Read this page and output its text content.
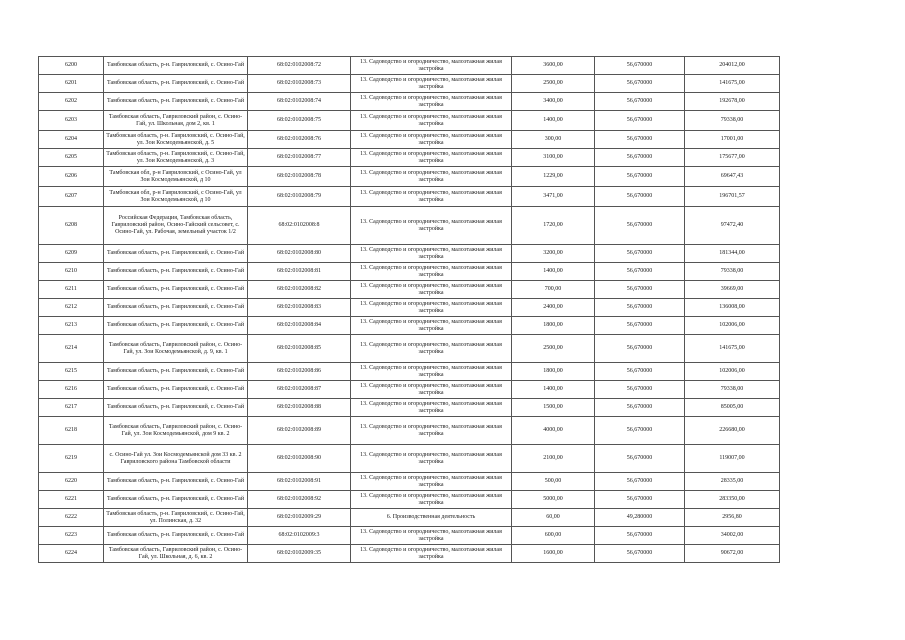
6200	Тамбовская область, р-н. Гавриловский, с. Осино-Гай	68:02:0102008:72	13. Садоводство и огородничество, малоэтажная жилая застройка	3600,00	56,670000	204012,00
6201	Тамбовская область, р-н. Гавриловский, с. Осино-Гай	68:02:0102008:73	13. Садоводство и огородничество, малоэтажная жилая застройка	2500,00	56,670000	141675,00
6202	Тамбовская область, р-н. Гавриловский, с. Осино-Гай	68:02:0102008:74	13. Садоводство и огородничество, малоэтажная жилая застройка	3400,00	56,670000	192678,00
6203	Тамбовская область, Гавриловский район, с. Осино-Гай, ул. Школьная, дом 2, кв. 1	68:02:0102008:75	13. Садоводство и огородничество, малоэтажная жилая застройка	1400,00	56,670000	79338,00
6204	Тамбовская область, р-н. Гавриловский, с. Осино-Гай, ул. Зои Космодемьянской, д. 5	68:02:0102008:76	13. Садоводство и огородничество, малоэтажная жилая застройка	300,00	56,670000	17001,00
6205	Тамбовская область, р-н. Гавриловский, с. Осино-Гай, ул. Зои Космодемьянской, д. 3	68:02:0102008:77	13. Садоводство и огородничество, малоэтажная жилая застройка	3100,00	56,670000	175677,00
6206	Тамбовская обл, р-н Гавриловский, с Осино-Гай, ул Зои Космодемьянской, д 10	68:02:0102008:78	13. Садоводство и огородничество, малоэтажная жилая застройка	1229,00	56,670000	69647,43
6207	Тамбовская обл, р-н Гавриловский, с Осино-Гай, ул Зои Космодемьянской, д 10	68:02:0102008:79	13. Садоводство и огородничество, малоэтажная жилая застройка	3471,00	56,670000	196701,57
6208	Российская Федерация, Тамбовская область, Гавриловский район, Осино-Гайский сельсовет, с. Осино-Гай, ул. Рабочая, земельный участок 1/2	68:02:0102008:8	13. Садоводство и огородничество, малоэтажная жилая застройка	1720,00	56,670000	97472,40
6209	Тамбовская область, р-н. Гавриловский, с. Осино-Гай	68:02:0102008:80	13. Садоводство и огородничество, малоэтажная жилая застройка	3200,00	56,670000	181344,00
6210	Тамбовская область, р-н. Гавриловский, с. Осино-Гай	68:02:0102008:81	13. Садоводство и огородничество, малоэтажная жилая застройка	1400,00	56,670000	79338,00
6211	Тамбовская область, р-н. Гавриловский, с. Осино-Гай	68:02:0102008:82	13. Садоводство и огородничество, малоэтажная жилая застройка	700,00	56,670000	39669,00
6212	Тамбовская область, р-н. Гавриловский, с. Осино-Гай	68:02:0102008:83	13. Садоводство и огородничество, малоэтажная жилая застройка	2400,00	56,670000	136008,00
6213	Тамбовская область, р-н. Гавриловский, с. Осино-Гай	68:02:0102008:84	13. Садоводство и огородничество, малоэтажная жилая застройка	1800,00	56,670000	102006,00
6214	Тамбовская область, Гавриловский район, с. Осино-Гай, ул. Зои Космодемьянской, д. 9, кв. 1	68:02:0102008:85	13. Садоводство и огородничество, малоэтажная жилая застройка	2500,00	56,670000	141675,00
6215	Тамбовская область, р-н. Гавриловский, с. Осино-Гай	68:02:0102008:86	13. Садоводство и огородничество, малоэтажная жилая застройка	1800,00	56,670000	102006,00
6216	Тамбовская область, р-н. Гавриловский, с. Осино-Гай	68:02:0102008:87	13. Садоводство и огородничество, малоэтажная жилая застройка	1400,00	56,670000	79338,00
6217	Тамбовская область, р-н. Гавриловский, с. Осино-Гай	68:02:0102008:88	13. Садоводство и огородничество, малоэтажная жилая застройка	1500,00	56,670000	85005,00
6218	Тамбовская область, Гавриловский район, с. Осино-Гай, ул. Зои Космодемьянской, дом 9 кв. 2	68:02:0102008:89	13. Садоводство и огородничество, малоэтажная жилая застройка	4000,00	56,670000	226680,00
6219	с. Осино-Гай ул. Зои Космодемьянской дом 33 кв. 2 Гавриловского района Тамбовской области	68:02:0102008:90	13. Садоводство и огородничество, малоэтажная жилая застройка	2100,00	56,670000	119007,00
6220	Тамбовская область, р-н. Гавриловский, с. Осино-Гай	68:02:0102008:91	13. Садоводство и огородничество, малоэтажная жилая застройка	500,00	56,670000	28335,00
6221	Тамбовская область, р-н. Гавриловский, с. Осино-Гай	68:02:0102008:92	13. Садоводство и огородничество, малоэтажная жилая застройка	5000,00	56,670000	283350,00
6222	Тамбовская область, р-н. Гавриловский, с. Осино-Гай, ул. Полинская, д. 32	68:02:0102009:29	6. Производственная деятельность	60,00	49,280000	2956,80
6223	Тамбовская область, р-н. Гавриловский, с. Осино-Гай	68:02:0102009:3	13. Садоводство и огородничество, малоэтажная жилая застройка	600,00	56,670000	34002,00
6224	Тамбовская область, Гавриловский район, с. Осино-Гай, ул. Школьная, д. 6, кв. 2	68:02:0102009:35	13. Садоводство и огородничество, малоэтажная жилая застройка	1600,00	56,670000	90672,00
